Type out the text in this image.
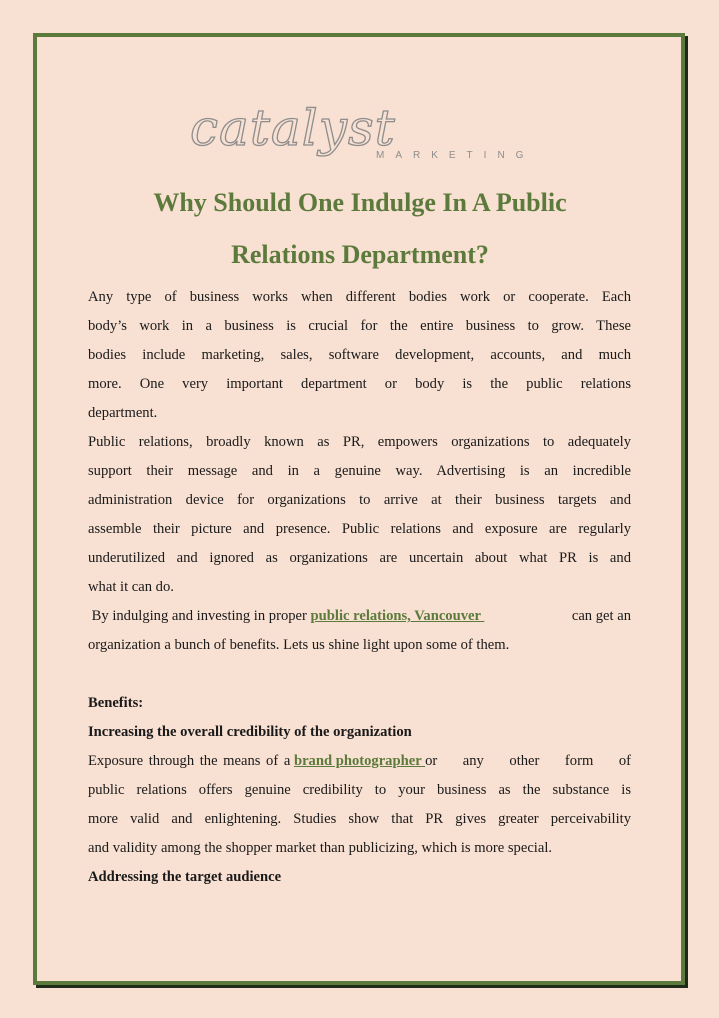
catalyst
MARKETING
Why Should One Indulge In A Public
Relations Department?
Any type of business works when different bodies work or cooperate. Each
body’s work in a business is crucial for the entire business to grow. These
bodies include marketing, sales, software development, accounts, and much
more. One very important department or body is the public relations
department.
Public relations, broadly known as PR, empowers organizations to adequately
support their message and in a genuine way. Advertising is an incredible
administration device for organizations to arrive at their business targets and
assemble their picture and presence. Public relations and exposure are regularly
underutilized and ignored as organizations are uncertain about what PR is and
what it can do.
By indulging and investing in proper public relations, Vancouver	can get an
organization a bunch of benefits. Lets us shine light upon some of them.
Benefits:
Increasing the overall credibility of the organization
Exposure through the means of a brand photographer or any other form of
public relations offers genuine credibility to your business as the substance is
more valid and enlightening. Studies show that PR gives greater perceivability
and validity among the shopper market than publicizing, which is more special.
Addressing the target audience
